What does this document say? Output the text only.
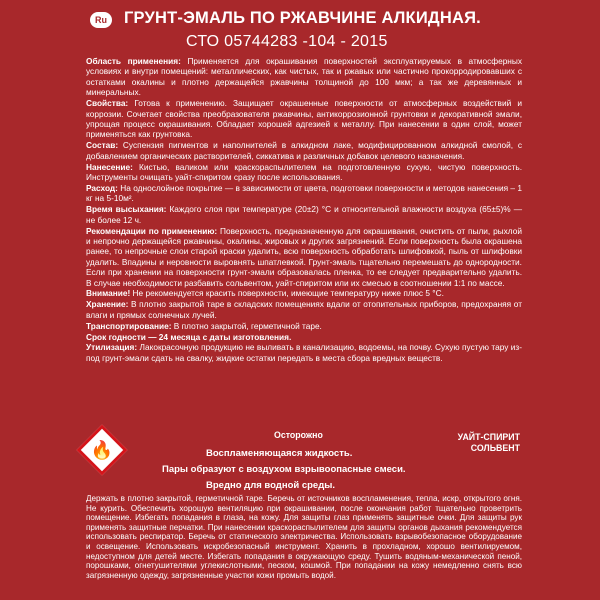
Ru	ГРУНТ-ЭМАЛЬ ПО РЖАВЧИНЕ АЛКИДНАЯ.
СТО 05744283 -104 - 2015

Область применения: Применяется для окрашивания поверхностей эксплуатируемых в атмосферных условиях и внутри помещений: металлических, как чистых, так и ржавых или частично прокорродировавших с остатками окалины и плотно держащейся ржавчины толщиной до 100 мкм; а так же деревянных и минеральных.

Свойства: Готова к применению. Защищает окрашенные поверхности от атмосферных воздействий и коррозии. Сочетает свойства преобразователя ржавчины, антикоррозионной грунтовки и декоративной эмали, упрощая процесс окрашивания. Обладает хорошей адгезией к металлу. При нанесении в один слой, может применяться как грунтовка.

Состав: Суспензия пигментов и наполнителей в алкидном лаке, модифицированном алкидной смолой, с добавлением органических растворителей, сиккатива и различных добавок целевого назначения.

Нанесение: Кистью, валиком или краскораспылителем на подготовленную сухую, чистую поверхность. Инструменты очищать уайт-спиритом сразу после использования.

Расход: На однослойное покрытие — в зависимости от цвета, подготовки поверхности и методов нанесения – 1 кг на 5-10м².

Время высыхания: Каждого слоя при температуре (20±2) °С и относительной влажности воздуха (65±5)% — не более 12 ч.

Рекомендации по применению: Поверхность, предназначенную для окрашивания, очистить от пыли, рыхлой и непрочно держащейся ржавчины, окалины, жировых и других загрязнений. Если поверхность была окрашена ранее, то непрочные слои старой краски удалить, всю поверхность обработать шлифовкой, пыль от шлифовки удалить. Впадины и неровности выровнять шпатлевкой. Грунт-эмаль тщательно перемешать до однородности. Если при хранении на поверхности грунт-эмали образовалась пленка, то ее следует предварительно удалить. В случае необходимости разбавить сольвентом, уайт-спиритом или их смесью в соотношении 1:1 по массе.

Внимание! Не рекомендуется красить поверхности, имеющие температуру ниже плюс 5 °С.

Хранение: В плотно закрытой таре в складских помещениях вдали от отопительных приборов, предохраняя от влаги и прямых солнечных лучей.

Транспортирование: В плотно закрытой, герметичной таре.

Срок годности — 24 месяца с даты изготовления.

Утилизация: Лакокрасочную продукцию не выливать в канализацию, водоемы, на почву. Сухую пустую тару из-под грунт-эмали сдать на свалку, жидкие остатки передать в места сбора вредных веществ.

🔥
Осторожно
Воспламеняющаяся жидкость.
Пары образуют с воздухом взрывоопасные смеси.
Вредно для водной среды.
УАЙТ-СПИРИТ
СОЛЬВЕНТ

Держать в плотно закрытой, герметичной таре. Беречь от источников воспламенения, тепла, искр, открытого огня. Не курить. Обеспечить хорошую вентиляцию при окрашивании, после окончания работ тщательно проветрить помещение. Избегать попадания в глаза, на кожу. Для защиты глаз применять защитные очки. Для защиты рук применять защитные перчатки. При нанесении краскораспылителем для защиты органов дыхания рекомендуется использовать респиратор. Беречь от статического электричества. Использовать взрывобезопасное оборудование и освещение. Использовать искробезопасный инструмент. Хранить в прохладном, хорошо вентилируемом, недоступном для детей месте. Избегать попадания в окружающую среду. Тушить водяным-механической пеной, порошками, огнетушителями углекислотными, песком, кошмой. При попадании на кожу немедленно снять всю загрязненную одежду, загрязненные участки кожи промыть водой.
